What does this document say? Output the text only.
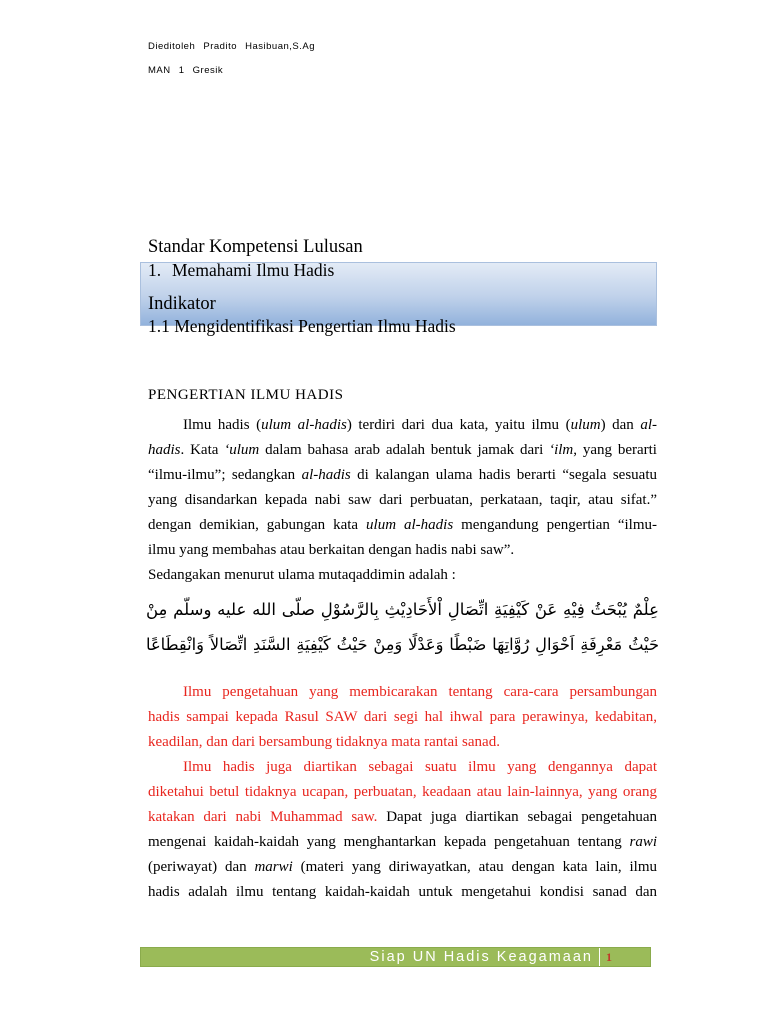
Dieditoleh Pradito Hasibuan,S.Ag
MAN 1 Gresik
Standar Kompetensi Lulusan
1. Memahami Ilmu Hadis
Indikator
1.1 Mengidentifikasi Pengertian Ilmu Hadis
PENGERTIAN ILMU HADIS
Ilmu hadis (ulum al-hadis) terdiri dari dua kata, yaitu ilmu (ulum) dan al-
hadis. Kata ‘ulum dalam bahasa arab adalah bentuk jamak dari ‘ilm, yang berarti
“ilmu-ilmu”; sedangkan al-hadis di kalangan ulama hadis berarti “segala sesuatu
yang disandarkan kepada nabi saw dari perbuatan, perkataan, taqir, atau sifat.”
dengan demikian, gabungan kata ulum al-hadis mengandung pengertian “ilmu-
ilmu yang membahas atau berkaitan dengan hadis nabi saw”.
Sedangakan menurut ulama mutaqaddimin adalah :
عِلْمٌ يُبْحَثُ فِيْهِ عَنْ كَيْفِيَةِ اتِّصَالِ اْلأَحَادِيْثِ بِالرَّسُوْلِ صلّى الله عليه وسلّم مِنْ
حَيْثُ مَعْرِفَةِ اَحْوَالِ رُوَّاتِهَا ضَبْطًا وَعَدْلًا وَمِنْ حَيْثُ كَيْفِيَةِ السَّنَدِ اتِّصَالاً وَانْقِطَاعًا
Ilmu pengetahuan yang membicarakan tentang cara-cara persambungan
hadis sampai kepada Rasul SAW dari segi hal ihwal para perawinya, kedabitan,
keadilan, dan dari bersambung tidaknya mata rantai sanad.
Ilmu hadis juga diartikan sebagai suatu ilmu yang dengannya dapat
diketahui betul tidaknya ucapan, perbuatan, keadaan atau lain-lainnya, yang orang
katakan dari nabi Muhammad saw. Dapat juga diartikan sebagai pengetahuan
mengenai kaidah-kaidah yang menghantarkan kepada pengetahuan tentang rawi
(periwayat) dan marwi (materi yang diriwayatkan, atau dengan kata lain, ilmu
hadis adalah ilmu tentang kaidah-kaidah untuk mengetahui kondisi sanad dan
Siap UN Hadis Keagamaan	1
